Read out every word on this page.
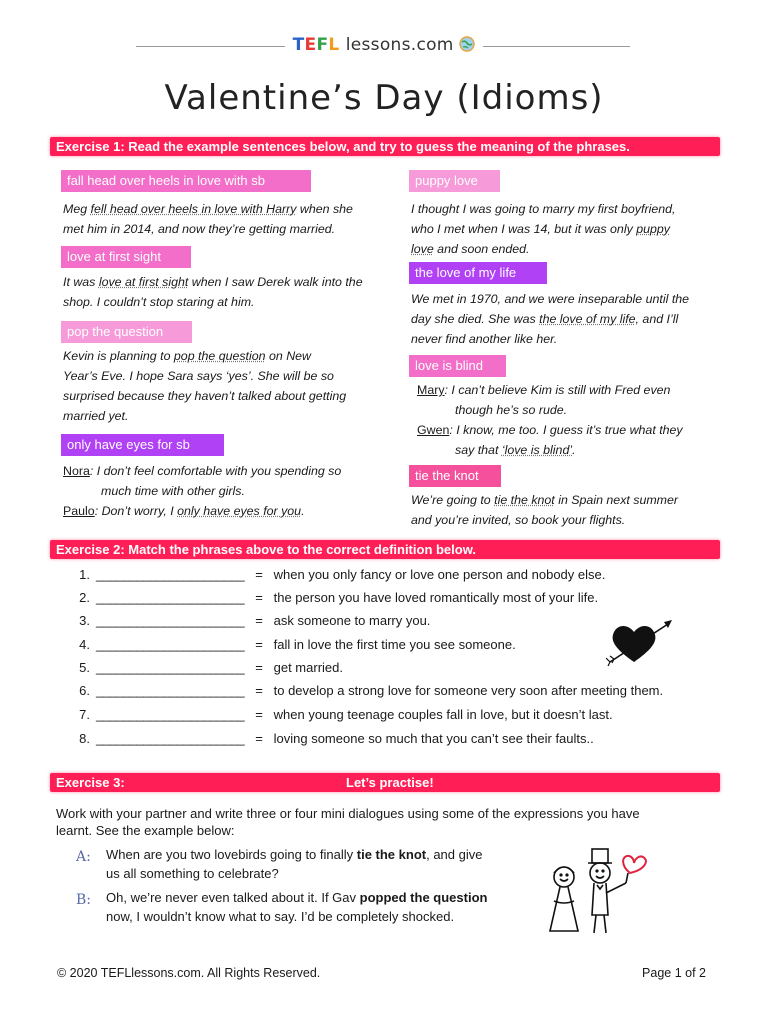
TEFL lessons.com
Valentine’s Day (Idioms)
Exercise 1: Read the example sentences below, and try to guess the meaning of the phrases.
fall head over heels in love with sb
Meg fell head over heels in love with Harry when she
met him in 2014, and now they’re getting married.
love at first sight
It was love at first sight when I saw Derek walk into the
shop. I couldn’t stop staring at him.
pop the question
Kevin is planning to pop the question on New
Year’s Eve. I hope Sara says ‘yes’. She will be so
surprised because they haven’t talked about getting
married yet.
only have eyes for sb
Nora: I don’t feel comfortable with you spending so
much time with other girls.
Paulo: Don’t worry, I only have eyes for you.
puppy love
I thought I was going to marry my first boyfriend,
who I met when I was 14, but it was only puppy
love and soon ended.
the love of my life
We met in 1970, and we were inseparable until the
day she died. She was the love of my life, and I’ll
never find another like her.
love is blind
Mary: I can’t believe Kim is still with Fred even
though he’s so rude.
Gwen: I know, me too. I guess it’s true what they
say that ‘love is blind’.
tie the knot
We’re going to tie the knot in Spain next summer
and you’re invited, so book your flights.
Exercise 2: Match the phrases above to the correct definition below.
1. ______________________ = when you only fancy or love one person and nobody else.
2. ______________________ = the person you have loved romantically most of your life.
3. ______________________ = ask someone to marry you.
4. ______________________ = fall in love the first time you see someone.
5. ______________________ = get married.
6. ______________________ = to develop a strong love for someone very soon after meeting them.
7. ______________________ = when young teenage couples fall in love, but it doesn’t last.
8. ______________________ = loving someone so much that you can’t see their faults..
Exercise 3:	Let’s practise!
Work with your partner and write three or four mini dialogues using some of the expressions you have
learnt. See the example below:
A: When are you two lovebirds going to finally tie the knot, and give
us all something to celebrate?
B: Oh, we’re never even talked about it. If Gav popped the question
now, I wouldn’t know what to say. I’d be completely shocked.
© 2020 TEFLlessons.com. All Rights Reserved.	Page 1 of 2
